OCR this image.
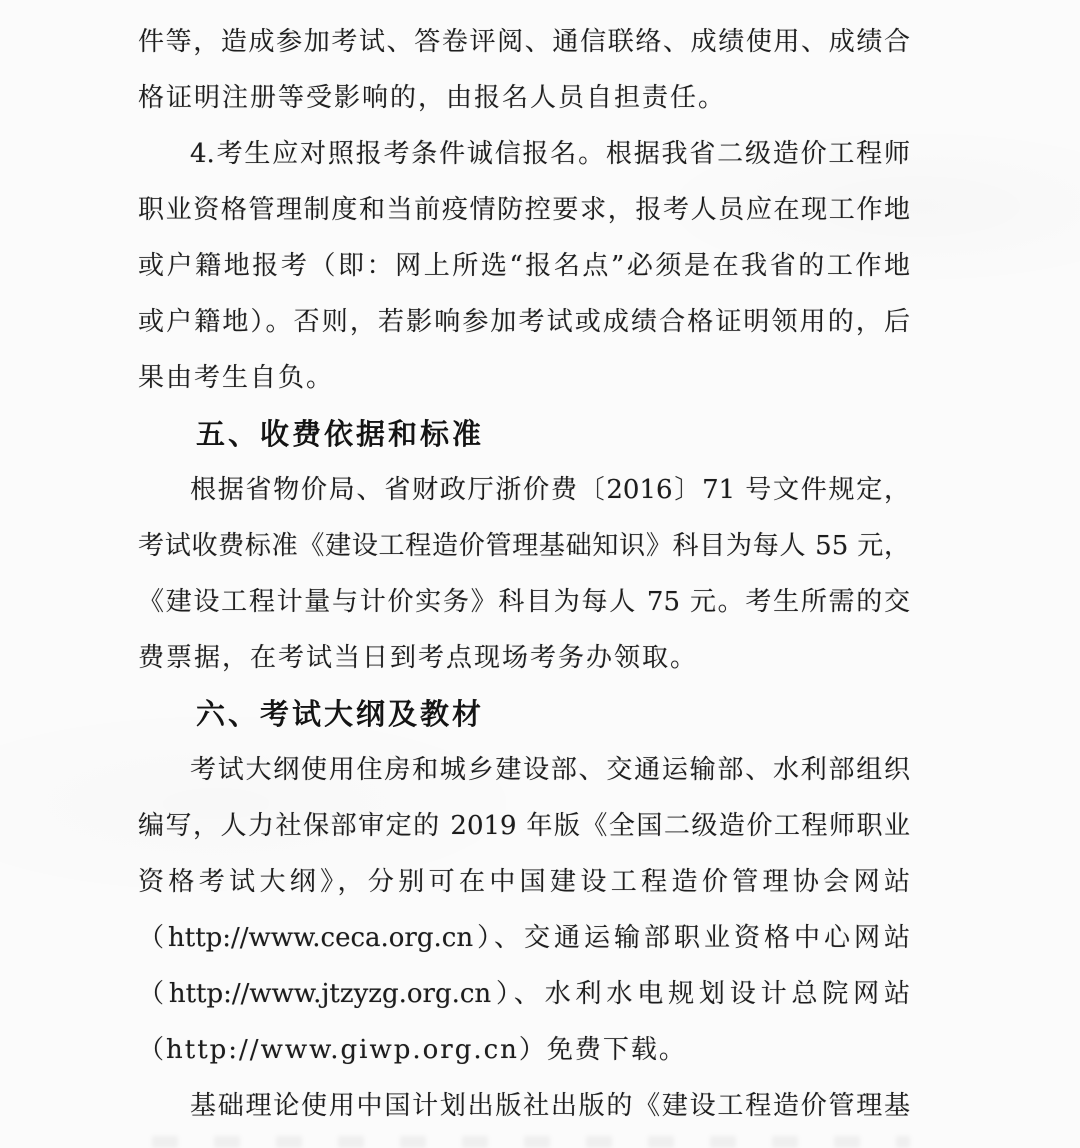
件等，造成参加考试、答卷评阅、通信联络、成绩使用、成绩合
格证明注册等受影响的，由报名人员自担责任。
4.考生应对照报考条件诚信报名。根据我省二级造价工程师
职业资格管理制度和当前疫情防控要求，报考人员应在现工作地
或户籍地报考（即：网上所选“报名点”必须是在我省的工作地
或户籍地）。否则，若影响参加考试或成绩合格证明领用的，后
果由考生自负。
五、收费依据和标准
根据省物价局、省财政厅浙价费〔2016〕71 号文件规定，
考试收费标准《建设工程造价管理基础知识》科目为每人 55 元，
《建设工程计量与计价实务》科目为每人 75 元。考生所需的交
费票据，在考试当日到考点现场考务办领取。
六、考试大纲及教材
考试大纲使用住房和城乡建设部、交通运输部、水利部组织
编写，人力社保部审定的 2019 年版《全国二级造价工程师职业
资格考试大纲》，分别可在中国建设工程造价管理协会网站
（http://www.ceca.org.cn）、交通运输部职业资格中心网站
（http://www.jtzyzg.org.cn）、水利水电规划设计总院网站
（http://www.giwp.org.cn）免费下载。
基础理论使用中国计划出版社出版的《建设工程造价管理基
